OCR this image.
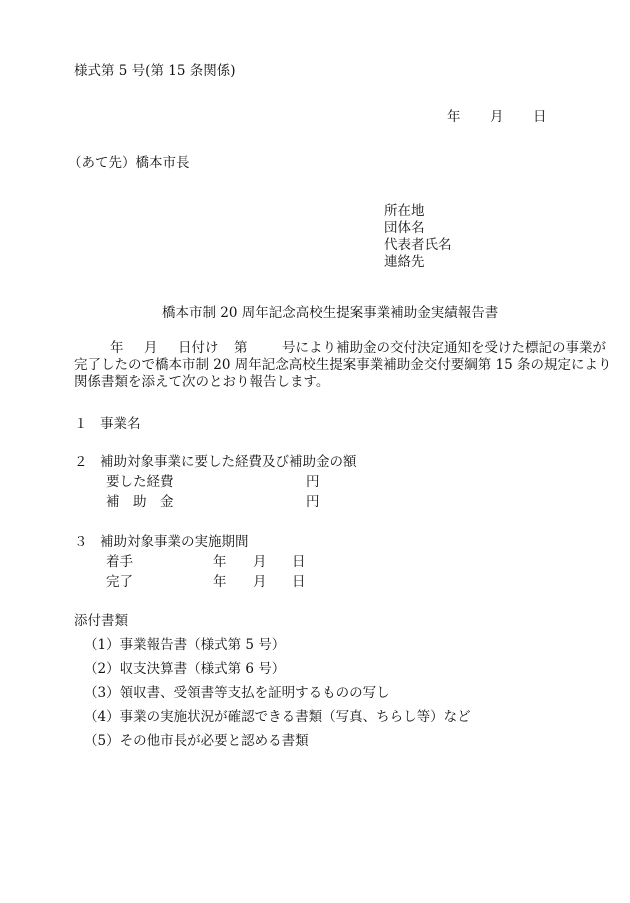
様式第 5 号(第 15 条関係)
年 月 日
（あて先）橋本市長
所在地
団体名
代表者氏名
連絡先
橋本市制 20 周年記念高校生提案事業補助金実績報告書
年 月 日付け 第	号により補助金の交付決定通知を受けた標記の事業が
完了したので橋本市制 20 周年記念高校生提案事業補助金交付要綱第 15 条の規定により
関係書類を添えて次のとおり報告します。
１ 事業名
２ 補助対象事業に要した経費及び補助金の額
要した経費	円
補　助　金	円
３ 補助対象事業の実施期間
着手	年 月 日
完了	年 月 日
添付書類
（1）事業報告書（様式第 5 号）
（2）収支決算書（様式第 6 号）
（3）領収書、受領書等支払を証明するものの写し
（4）事業の実施状況が確認できる書類（写真、ちらし等）など
（5）その他市長が必要と認める書類
